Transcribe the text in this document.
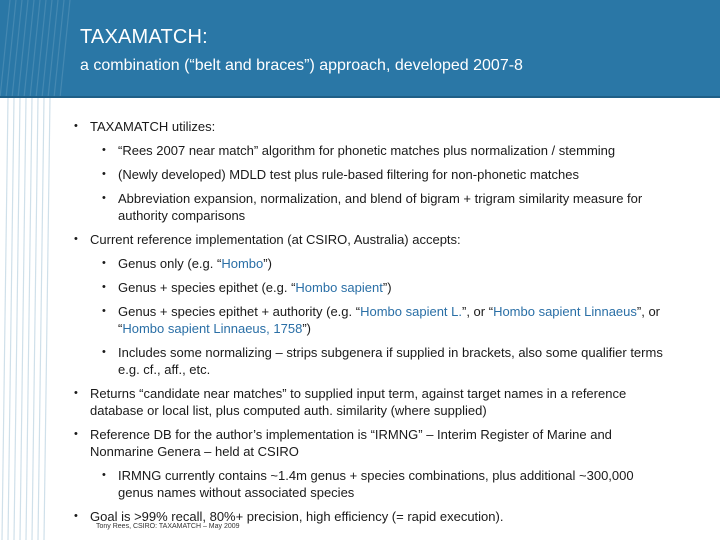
TAXAMATCH:
a combination (“belt and braces”) approach, developed 2007-8
• TAXAMATCH utilizes:
• “Rees 2007 near match” algorithm for phonetic matches plus normalization / stemming
• (Newly developed) MDLD test plus rule-based filtering for non-phonetic matches
• Abbreviation expansion, normalization, and blend of bigram + trigram similarity measure for authority comparisons
• Current reference implementation (at CSIRO, Australia) accepts:
• Genus only (e.g. “Hombo”)
• Genus + species epithet (e.g. “Hombo sapient”)
• Genus + species epithet + authority (e.g. “Hombo sapient L.”, or “Hombo sapient Linnaeus”, or “Hombo sapient Linnaeus, 1758”)
• Includes some normalizing – strips subgenera if supplied in brackets, also some qualifier terms e.g. cf., aff., etc.
• Returns “candidate near matches” to supplied input term, against target names in a reference database or local list, plus computed auth. similarity (where supplied)
• Reference DB for the author’s implementation is “IRMNG” – Interim Register of Marine and Nonmarine Genera – held at CSIRO
• IRMNG currently contains ~1.4m genus + species combinations, plus additional ~300,000 genus names without associated species
• Goal is >99% recall, 80%+ precision, high efficiency (= rapid execution).
Tony Rees, CSIRO: TAXAMATCH – May 2009
